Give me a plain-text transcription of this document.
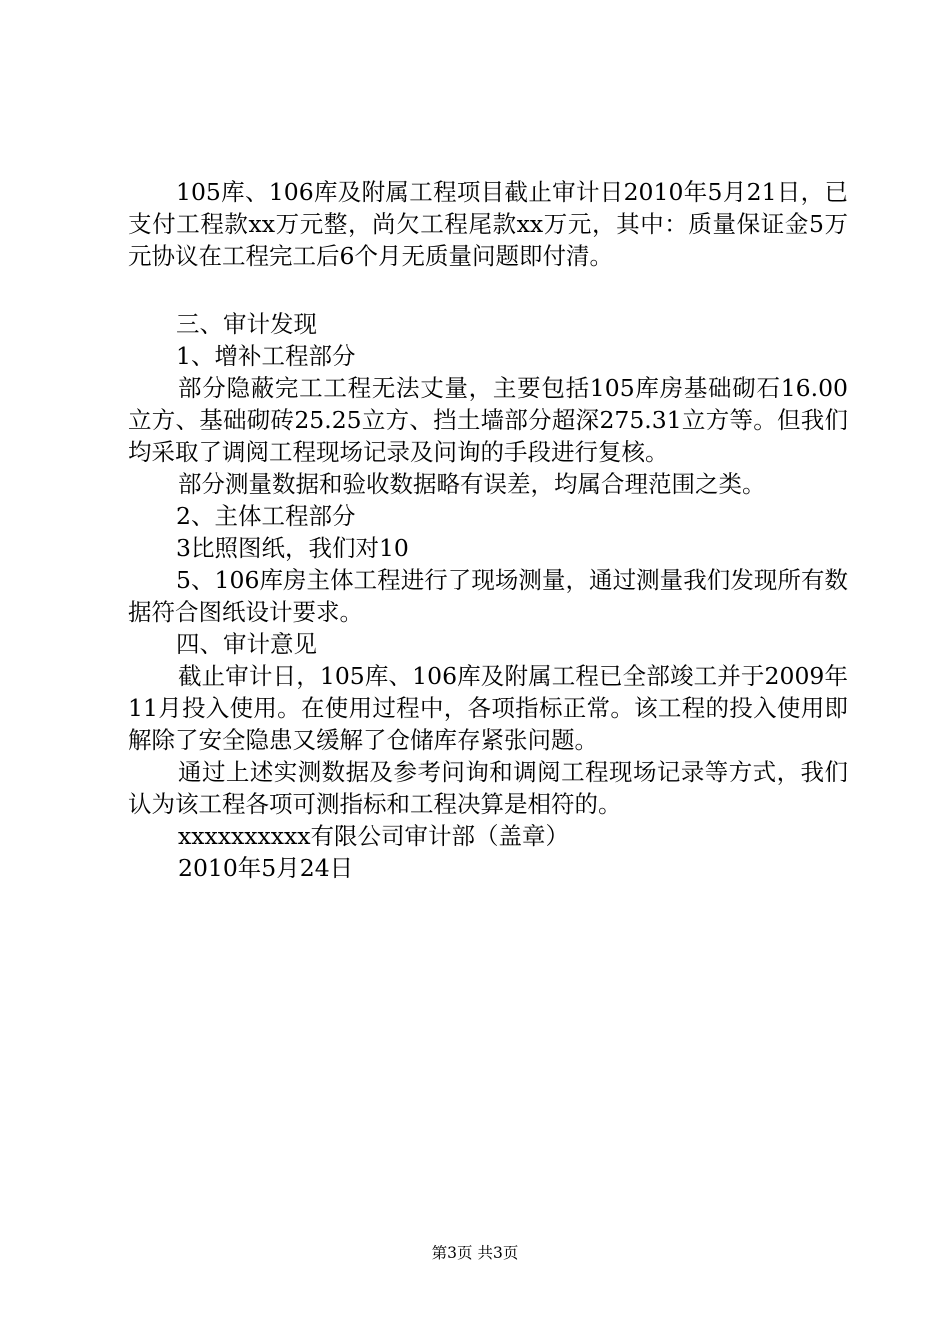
105库、106库及附属工程项目截止审计日2010年5月21日，已支付工程款xx万元整，尚欠工程尾款xx万元，其中：质量保证金5万元协议在工程完工后6个月无质量问题即付清。

三、审计发现

1、增补工程部分

部分隐蔽完工工程无法丈量，主要包括105库房基础砌石16.00立方、基础砌砖25.25立方、挡土墙部分超深275.31立方等。但我们均采取了调阅工程现场记录及问询的手段进行复核。

部分测量数据和验收数据略有误差，均属合理范围之类。

2、主体工程部分

3比照图纸，我们对10

5、106库房主体工程进行了现场测量，通过测量我们发现所有数据符合图纸设计要求。

四、审计意见

截止审计日，105库、106库及附属工程已全部竣工并于2009年11月投入使用。在使用过程中，各项指标正常。该工程的投入使用即解除了安全隐患又缓解了仓储库存紧张问题。

通过上述实测数据及参考问询和调阅工程现场记录等方式，我们认为该工程各项可测指标和工程决算是相符的。

xxxxxxxxxx有限公司审计部（盖章）

2010年5月24日

第3页 共3页
